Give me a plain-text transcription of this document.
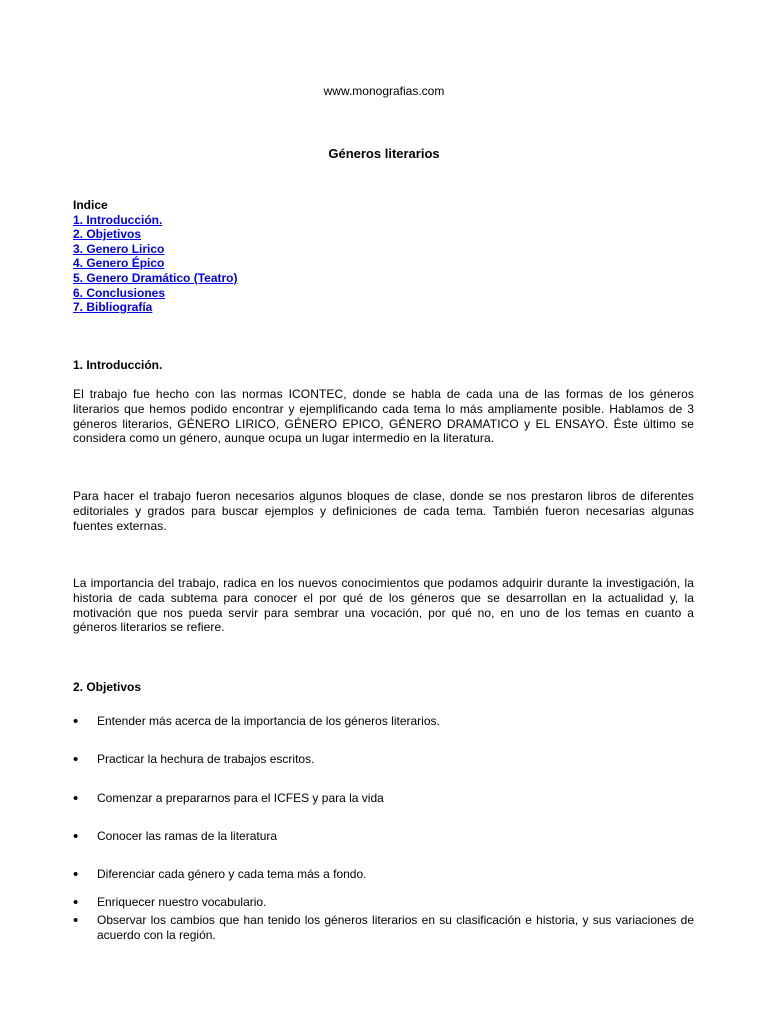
www.monografias.com
Géneros literarios
Indice
1. Introducción.
2. Objetivos
3. Genero Lirico
4. Genero Épico
5. Genero Dramático (Teatro)
6. Conclusiones
7. Bibliografía
1. Introducción.
El trabajo fue hecho con las normas ICONTEC, donde se habla de cada una de las formas de los géneros literarios que hemos podido encontrar y ejemplificando cada tema lo más ampliamente posible. Hablamos de 3 géneros literarios, GÉNERO LIRICO, GÉNERO EPICO, GÉNERO DRAMATICO y EL ENSAYO. Éste último se considera como un género, aunque ocupa un lugar intermedio en la literatura.
Para hacer el trabajo fueron necesarios algunos bloques de clase, donde se nos prestaron libros de diferentes editoriales y grados para buscar ejemplos y definiciones de cada tema. También fueron necesarias algunas fuentes externas.
La importancia del trabajo, radica en los nuevos conocimientos que podamos adquirir durante la investigación, la historia de cada subtema para conocer el por qué de los géneros que se desarrollan en la actualidad y, la motivación que nos pueda servir para sembrar una vocación, por qué no, en uno de los temas en cuanto a géneros literarios se refiere.
2. Objetivos
• Entender más acerca de la importancia de los géneros literarios.
• Practicar la hechura de trabajos escritos.
• Comenzar a prepararnos para el ICFES y para la vida
• Conocer las ramas de la literatura
• Diferenciar cada género y cada tema más a fondo.
• Enriquecer nuestro vocabulario.
• Observar los cambios que han tenido los géneros literarios en su clasificación e historia, y sus variaciones de acuerdo con la región.
